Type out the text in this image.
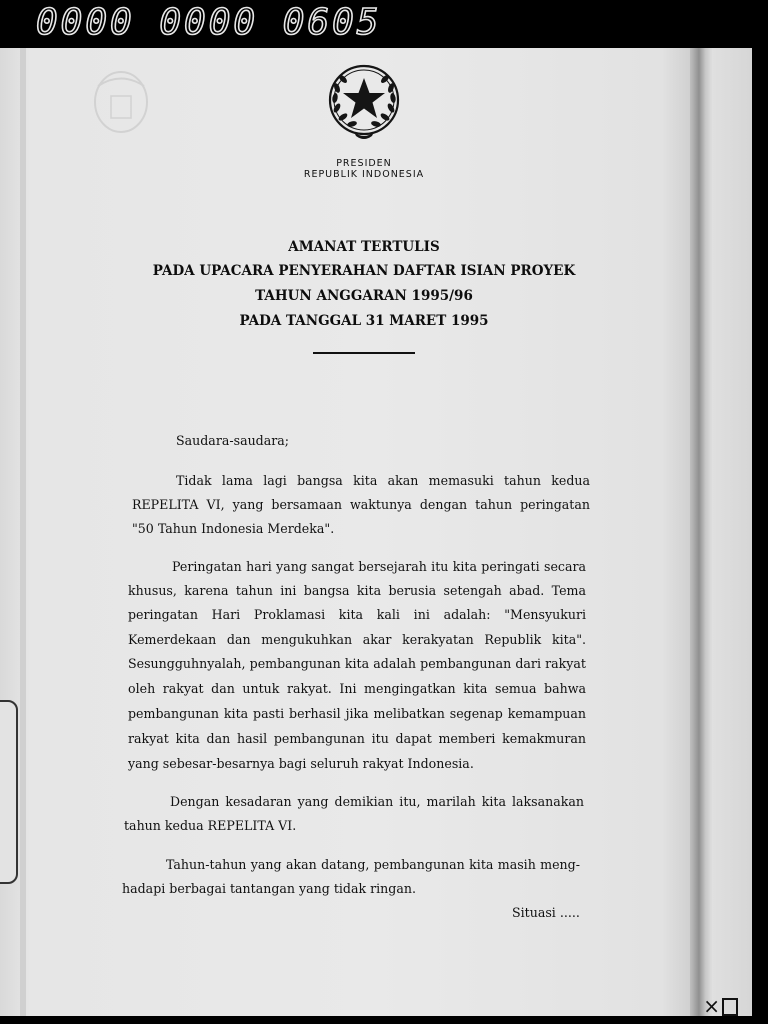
0000 0000 0605
PRESIDEN
REPUBLIK INDONESIA
AMANAT TERTULIS
PADA UPACARA PENYERAHAN DAFTAR ISIAN PROYEK
TAHUN ANGGARAN 1995/96
PADA TANGGAL 31 MARET 1995
Saudara-saudara;
Tidak lama lagi bangsa kita akan memasuki tahun kedua
REPELITA VI, yang bersamaan waktunya dengan tahun peringatan
"50 Tahun Indonesia Merdeka".
Peringatan hari yang sangat bersejarah itu kita peringati secara
khusus, karena tahun ini bangsa kita berusia setengah abad. Tema
peringatan Hari Proklamasi kita kali ini adalah: "Mensyukuri
Kemerdekaan dan mengukuhkan akar kerakyatan Republik kita".
Sesungguhnyalah, pembangunan kita adalah pembangunan dari rakyat
oleh rakyat dan untuk rakyat. Ini mengingatkan kita semua bahwa
pembangunan kita pasti berhasil jika melibatkan segenap kemampuan
rakyat kita dan hasil pembangunan itu dapat memberi kemakmuran
yang sebesar-besarnya bagi seluruh rakyat Indonesia.
Dengan kesadaran yang demikian itu, marilah kita laksanakan
tahun kedua REPELITA VI.
Tahun-tahun yang akan datang, pembangunan kita masih meng-
hadapi berbagai tantangan yang tidak ringan.
Situasi .....
×
